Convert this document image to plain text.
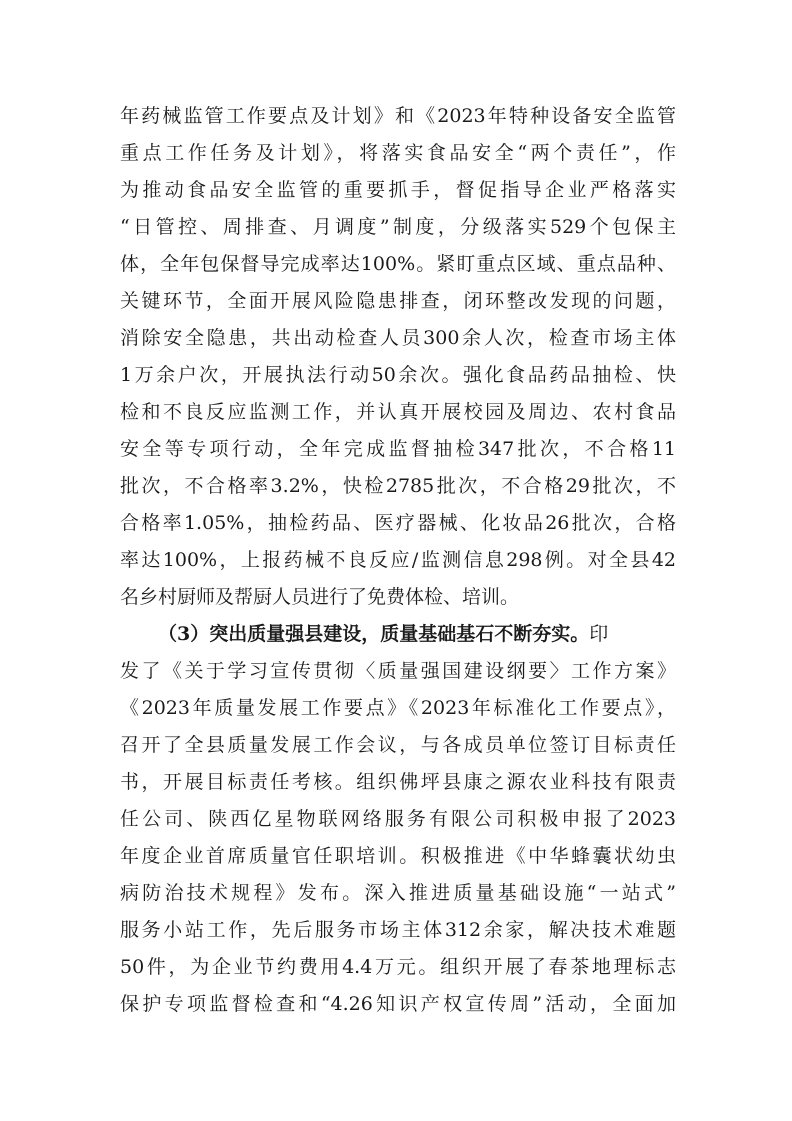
年药械监管工作要点及计划》和《2023年特种设备安全监管
重点工作任务及计划》，将落实食品安全“两个责任”，作
为推动食品安全监管的重要抓手，督促指导企业严格落实
“日管控、周排查、月调度”制度，分级落实529个包保主
体，全年包保督导完成率达100%。紧盯重点区域、重点品种、
关键环节，全面开展风险隐患排查，闭环整改发现的问题，
消除安全隐患，共出动检查人员300余人次，检查市场主体
1万余户次，开展执法行动50余次。强化食品药品抽检、快
检和不良反应监测工作，并认真开展校园及周边、农村食品
安全等专项行动，全年完成监督抽检347批次，不合格11
批次，不合格率3.2%，快检2785批次，不合格29批次，不
合格率1.05%，抽检药品、医疗器械、化妆品26批次，合格
率达100%，上报药械不良反应/监测信息298例。对全县42
名乡村厨师及帮厨人员进行了免费体检、培训。
（3）突出质量强县建设，质量基础基石不断夯实。印
发了《关于学习宣传贯彻〈质量强国建设纲要〉工作方案》
《2023年质量发展工作要点》《2023年标准化工作要点》，
召开了全县质量发展工作会议，与各成员单位签订目标责任
书，开展目标责任考核。组织佛坪县康之源农业科技有限责
任公司、陕西亿星物联网络服务有限公司积极申报了2023
年度企业首席质量官任职培训。积极推进《中华蜂囊状幼虫
病防治技术规程》发布。深入推进质量基础设施“一站式”
服务小站工作，先后服务市场主体312余家，解决技术难题
50件，为企业节约费用4.4万元。组织开展了春茶地理标志
保护专项监督检查和“4.26知识产权宣传周”活动，全面加
